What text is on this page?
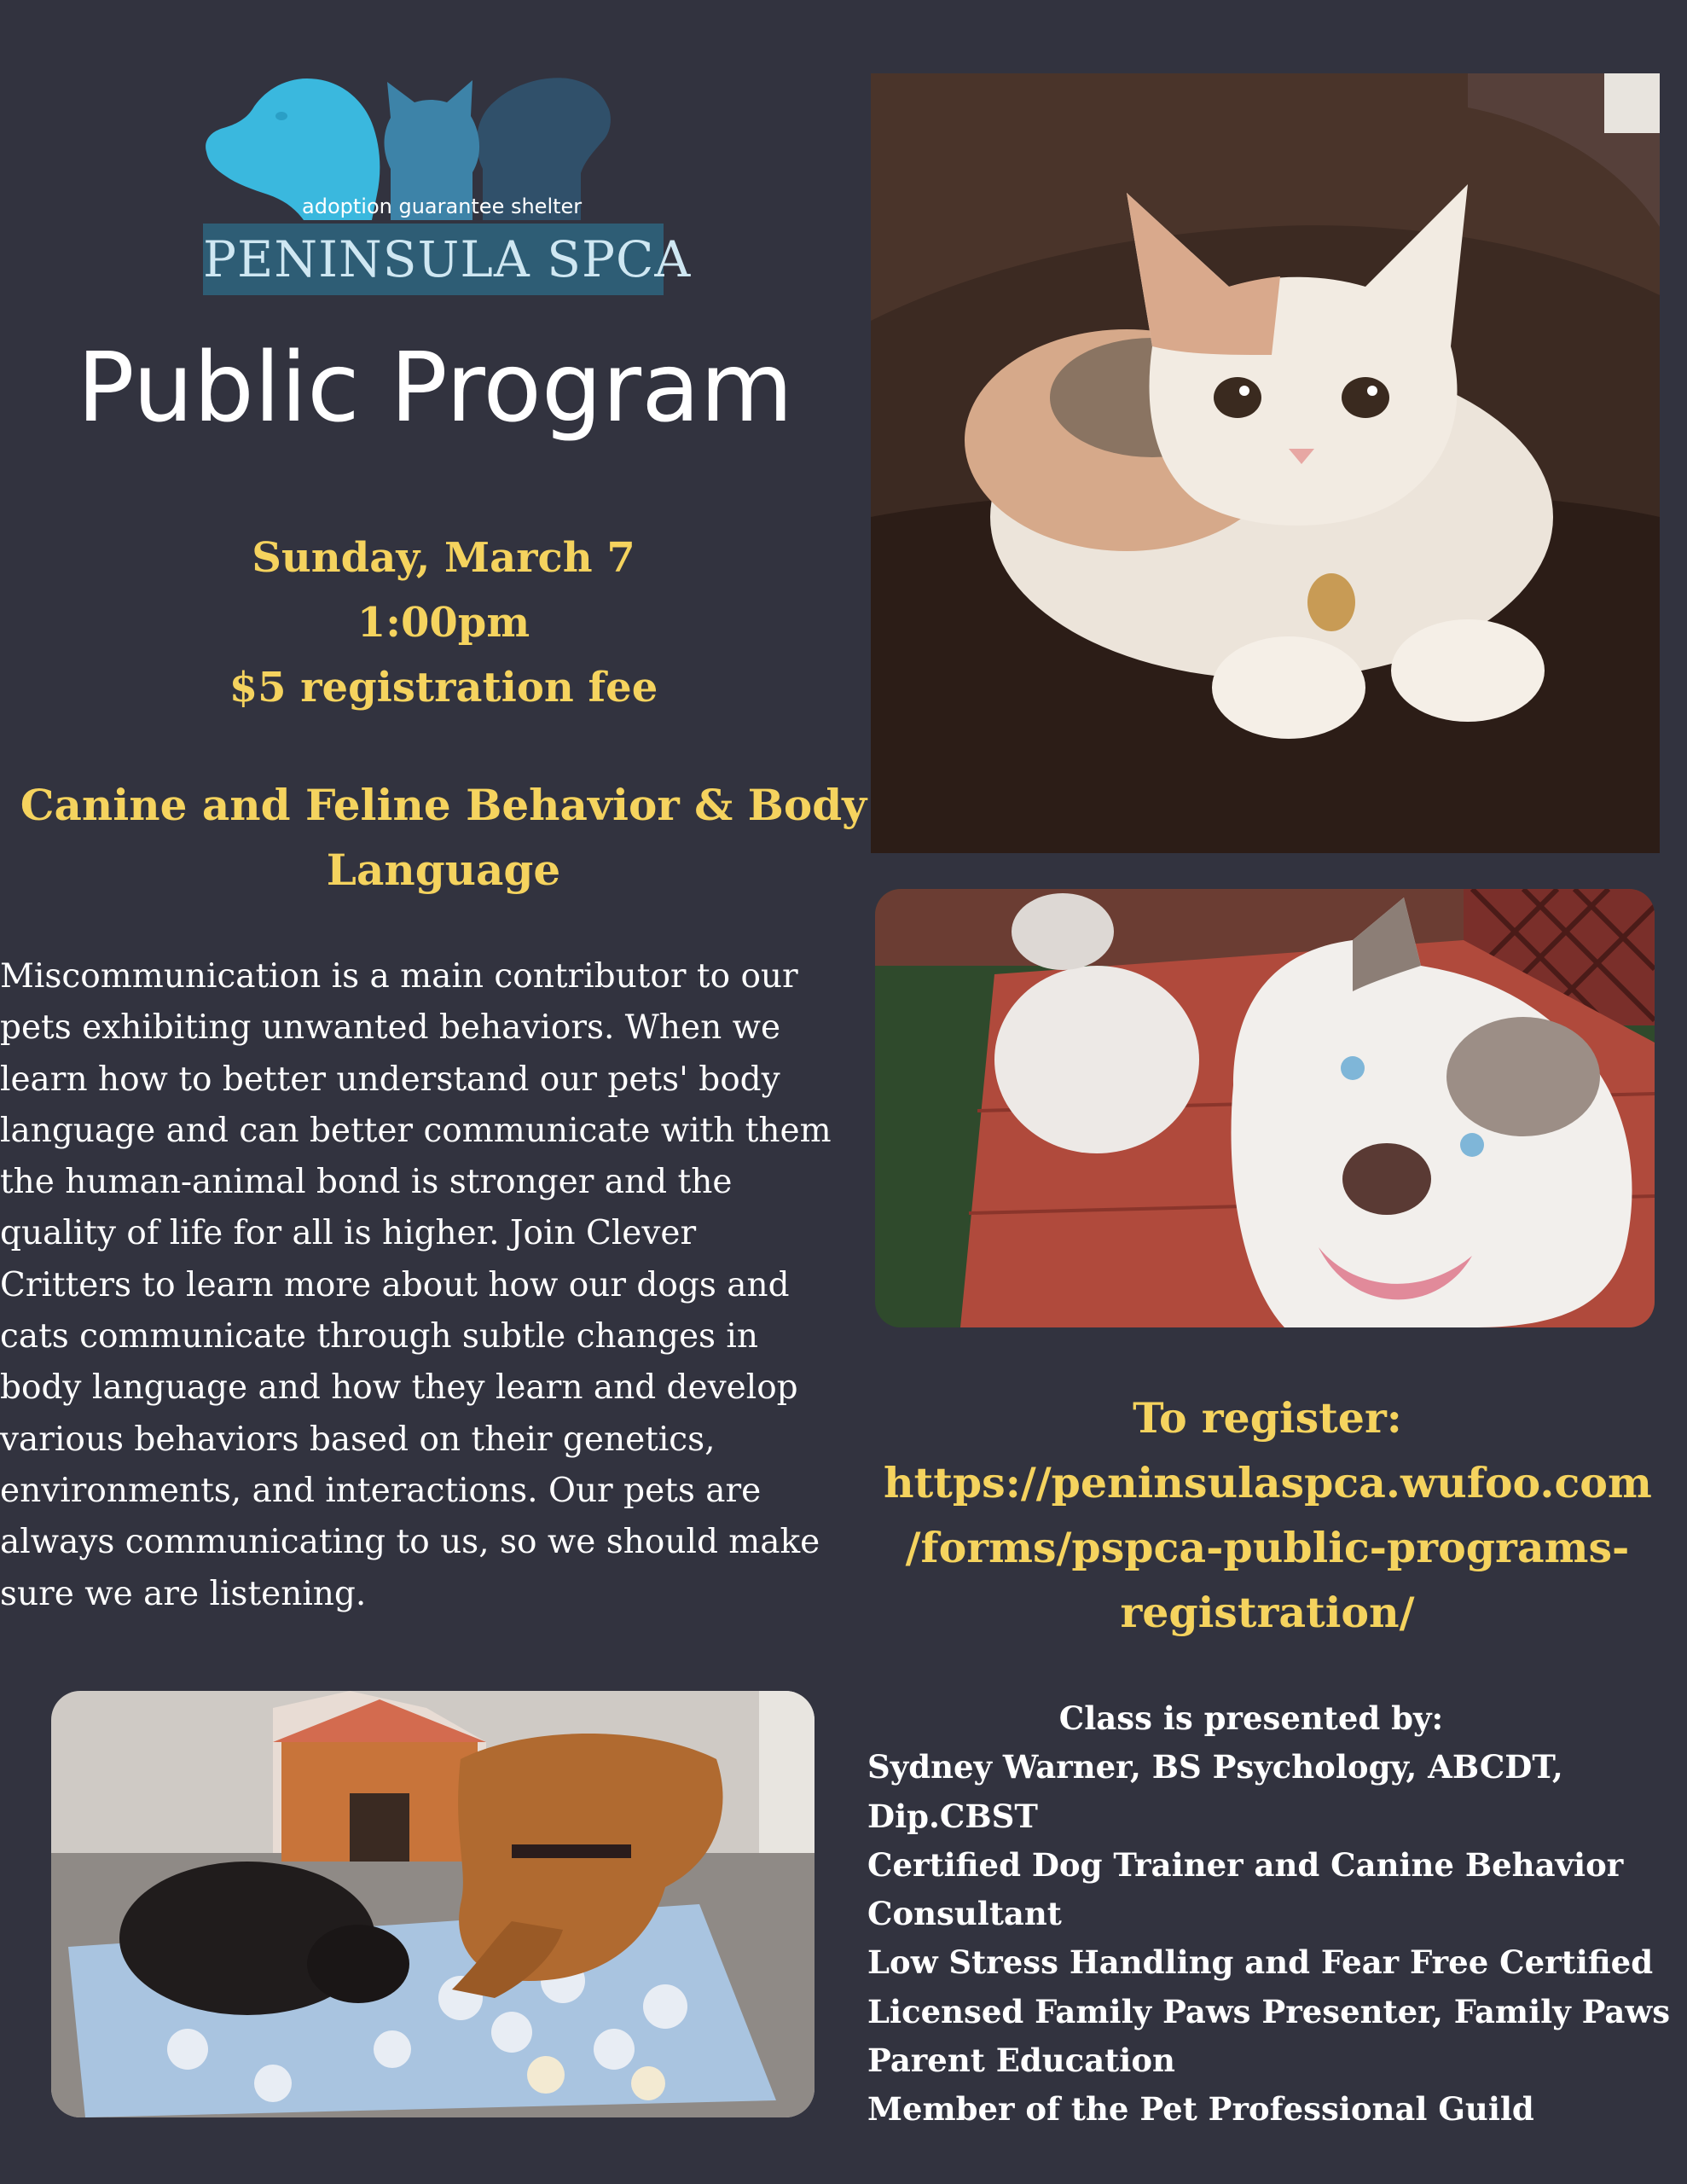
adoption guarantee shelter
PENINSULA SPCA
Public Program
Sunday, March 7
1:00pm
$5 registration fee
Canine and Feline Behavior & Body
Language
Miscommunication is a main contributor to our
pets exhibiting unwanted behaviors. When we
learn how to better understand our pets' body
language and can better communicate with them
the human-animal bond is stronger and the
quality of life for all is higher. Join Clever
Critters to learn more about how our dogs and
cats communicate through subtle changes in
body language and how they learn and develop
various behaviors based on their genetics,
environments, and interactions. Our pets are
always communicating to us, so we should make
sure we are listening.
To register:
https://peninsulaspca.wufoo.com
/forms/pspca-public-programs-
registration/
Class is presented by:
Sydney Warner, BS Psychology, ABCDT,
Dip.CBST
Certified Dog Trainer and Canine Behavior
Consultant
Low Stress Handling and Fear Free Certified
Licensed Family Paws Presenter, Family Paws
Parent Education
Member of the Pet Professional Guild
